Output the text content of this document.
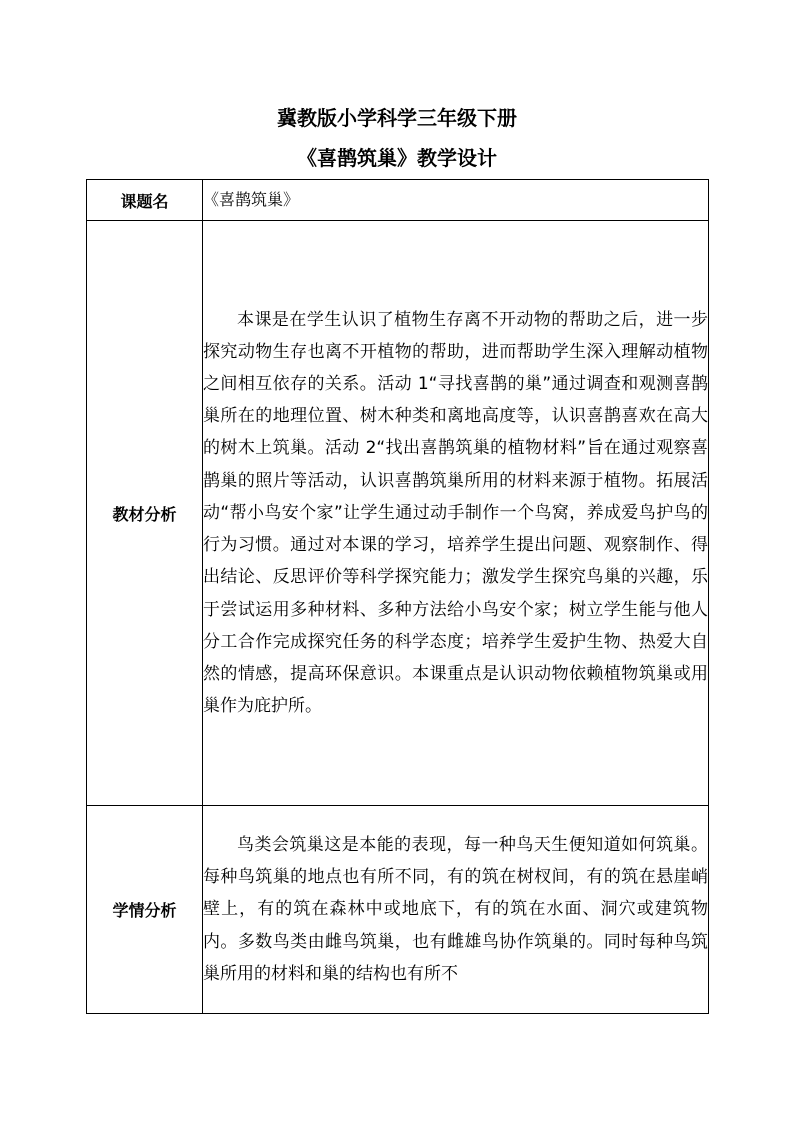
冀教版小学科学三年级下册
《喜鹊筑巢》教学设计
课题名	《喜鹊筑巢》
教材分析	本课是在学生认识了植物生存离不开动物的帮助之后，进一步探究动物生存也离不开植物的帮助，进而帮助学生深入理解动植物之间相互依存的关系。活动 1“寻找喜鹊的巢”通过调查和观测喜鹊巢所在的地理位置、树木种类和离地高度等，认识喜鹊喜欢在高大的树木上筑巢。活动 2“找出喜鹊筑巢的植物材料”旨在通过观察喜鹊巢的照片等活动，认识喜鹊筑巢所用的材料来源于植物。拓展活动“帮小鸟安个家”让学生通过动手制作一个鸟窝，养成爱鸟护鸟的行为习惯。通过对本课的学习，培养学生提出问题、观察制作、得出结论、反思评价等科学探究能力；激发学生探究鸟巢的兴趣，乐于尝试运用多种材料、多种方法给小鸟安个家；树立学生能与他人分工合作完成探究任务的科学态度；培养学生爱护生物、热爱大自然的情感，提高环保意识。本课重点是认识动物依赖植物筑巢或用巢作为庇护所。

学情分析	鸟类会筑巢这是本能的表现，每一种鸟天生便知道如何筑巢。每种鸟筑巢的地点也有所不同，有的筑在树杈间，有的筑在悬崖峭壁上，有的筑在森林中或地底下，有的筑在水面、洞穴或建筑物内。多数鸟类由雌鸟筑巢，也有雌雄鸟协作筑巢的。同时每种鸟筑巢所用的材料和巢的结构也有所不
